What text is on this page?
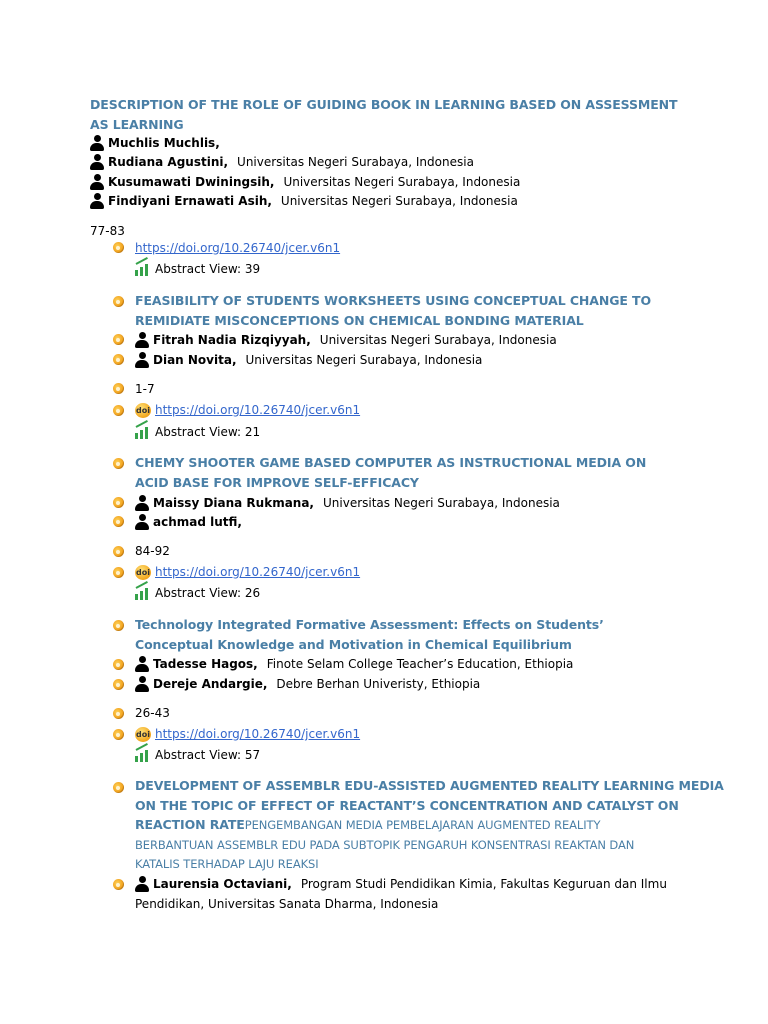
DESCRIPTION OF THE ROLE OF GUIDING BOOK IN LEARNING BASED ON ASSESSMENT AS LEARNING
Muchlis Muchlis,
Rudiana Agustini, Universitas Negeri Surabaya, Indonesia
Kusumawati Dwiningsih, Universitas Negeri Surabaya, Indonesia
Findiyani Ernawati Asih, Universitas Negeri Surabaya, Indonesia
77-83
https://doi.org/10.26740/jcer.v6n1
Abstract View: 39
FEASIBILITY OF STUDENTS WORKSHEETS USING CONCEPTUAL CHANGE TO REMIDIATE MISCONCEPTIONS ON CHEMICAL BONDING MATERIAL
Fitrah Nadia Rizqiyyah, Universitas Negeri Surabaya, Indonesia
Dian Novita, Universitas Negeri Surabaya, Indonesia
1-7
doi https://doi.org/10.26740/jcer.v6n1
Abstract View: 21
CHEMY SHOOTER GAME BASED COMPUTER AS INSTRUCTIONAL MEDIA ON ACID BASE FOR IMPROVE SELF-EFFICACY
Maissy Diana Rukmana, Universitas Negeri Surabaya, Indonesia
achmad lutfi,
84-92
doi https://doi.org/10.26740/jcer.v6n1
Abstract View: 26
Technology Integrated Formative Assessment: Effects on Students’ Conceptual Knowledge and Motivation in Chemical Equilibrium
Tadesse Hagos, Finote Selam College Teacher’s Education, Ethiopia
Dereje Andargie, Debre Berhan Univeristy, Ethiopia
26-43
doi https://doi.org/10.26740/jcer.v6n1
Abstract View: 57
DEVELOPMENT OF ASSEMBLR EDU-ASSISTED AUGMENTED REALITY LEARNING MEDIA
ON THE TOPIC OF EFFECT OF REACTANT’S CONCENTRATION AND CATALYST ON
REACTION RATEPENGEMBANGAN MEDIA PEMBELAJARAN AUGMENTED REALITY
BERBANTUAN ASSEMBLR EDU PADA SUBTOPIK PENGARUH KONSENTRASI REAKTAN DAN
KATALIS TERHADAP LAJU REAKSI
Laurensia Octaviani, Program Studi Pendidikan Kimia, Fakultas Keguruan dan Ilmu
Pendidikan, Universitas Sanata Dharma, Indonesia
